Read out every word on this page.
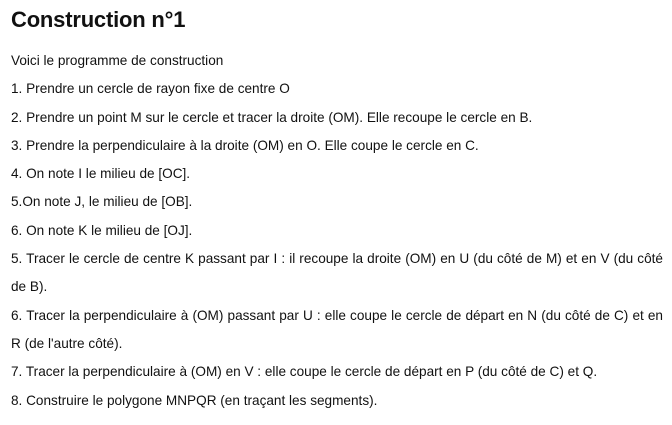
Construction n°1
Voici le programme de construction
1. Prendre un cercle de rayon fixe de centre O
2. Prendre un point M sur le cercle et tracer la droite (OM). Elle recoupe le cercle en B.
3. Prendre la perpendiculaire à la droite (OM) en O. Elle coupe le cercle en C.
4. On note I le milieu de [OC].
5.On note J, le milieu de [OB].
6. On note K le milieu de [OJ].
5. Tracer le cercle de centre K passant par I : il recoupe la droite (OM) en U (du côté de M) et en V (du côté de B).
6. Tracer la perpendiculaire à (OM) passant par U : elle coupe le cercle de départ en N (du côté de C) et en R (de l'autre côté).
7. Tracer la perpendiculaire à (OM) en V : elle coupe le cercle de départ en P (du côté de C) et Q.
8. Construire le polygone MNPQR (en traçant les segments).
